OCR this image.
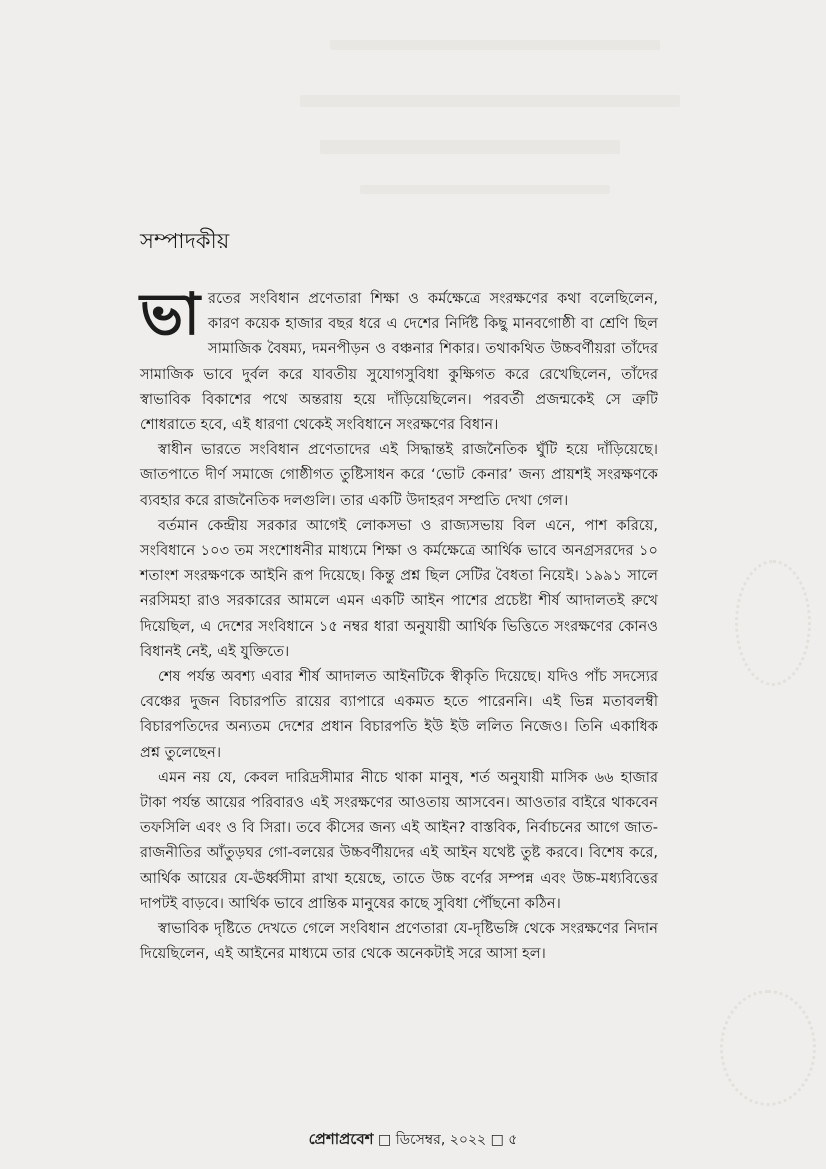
সম্পাদকীয়

ভারতের সংবিধান প্রণেতারা শিক্ষা ও কর্মক্ষেত্রে সংরক্ষণের কথা বলেছিলেন, কারণ কয়েক হাজার বছর ধরে এ দেশের নির্দিষ্ট কিছু মানবগোষ্ঠী বা শ্রেণি ছিল সামাজিক বৈষম্য, দমনপীড়ন ও বঞ্চনার শিকার। তথাকথিত উচ্চবর্ণীয়রা তাঁদের সামাজিক ভাবে দুর্বল করে যাবতীয় সুযোগসুবিধা কুক্ষিগত করে রেখেছিলেন, তাঁদের স্বাভাবিক বিকাশের পথে অন্তরায় হয়ে দাঁড়িয়েছিলেন। পরবর্তী প্রজন্মকেই সে ত্রুটি শোধরাতে হবে, এই ধারণা থেকেই সংবিধানে সংরক্ষণের বিধান।

স্বাধীন ভারতে সংবিধান প্রণেতাদের এই সিদ্ধান্তই রাজনৈতিক ঘুঁটি হয়ে দাঁড়িয়েছে। জাতপাতে দীর্ণ সমাজে গোষ্ঠীগত তুষ্টিসাধন করে ‘ভোট কেনার’ জন্য প্রায়শই সংরক্ষণকে ব্যবহার করে রাজনৈতিক দলগুলি। তার একটি উদাহরণ সম্প্রতি দেখা গেল।

বর্তমান কেন্দ্রীয় সরকার আগেই লোকসভা ও রাজ্যসভায় বিল এনে, পাশ করিয়ে, সংবিধানে ১০৩ তম সংশোধনীর মাধ্যমে শিক্ষা ও কর্মক্ষেত্রে আর্থিক ভাবে অনগ্রসরদের ১০ শতাংশ সংরক্ষণকে আইনি রূপ দিয়েছে। কিন্তু প্রশ্ন ছিল সেটির বৈধতা নিয়েই। ১৯৯১ সালে নরসিমহা রাও সরকারের আমলে এমন একটি আইন পাশের প্রচেষ্টা শীর্ষ আদালতই রুখে দিয়েছিল, এ দেশের সংবিধানে ১৫ নম্বর ধারা অনুযায়ী আর্থিক ভিত্তিতে সংরক্ষণের কোনও বিধানই নেই, এই যুক্তিতে।

শেষ পর্যন্ত অবশ্য এবার শীর্ষ আদালত আইনটিকে স্বীকৃতি দিয়েছে। যদিও পাঁচ সদস্যের বেঞ্চের দুজন বিচারপতি রায়ের ব্যাপারে একমত হতে পারেননি। এই ভিন্ন মতাবলম্বী বিচারপতিদের অন্যতম দেশের প্রধান বিচারপতি ইউ ইউ ললিত নিজেও। তিনি একাধিক প্রশ্ন তুলেছেন।

এমন নয় যে, কেবল দারিদ্রসীমার নীচে থাকা মানুষ, শর্ত অনুযায়ী মাসিক ৬৬ হাজার টাকা পর্যন্ত আয়ের পরিবারও এই সংরক্ষণের আওতায় আসবেন। আওতার বাইরে থাকবেন তফসিলি এবং ও বি সিরা। তবে কীসের জন্য এই আইন? বাস্তবিক, নির্বাচনের আগে জাত-রাজনীতির আঁতুড়ঘর গো-বলয়ের উচ্চবর্ণীয়দের এই আইন যথেষ্ট তুষ্ট করবে। বিশেষ করে, আর্থিক আয়ের যে-ঊর্ধ্বসীমা রাখা হয়েছে, তাতে উচ্চ বর্ণের সম্পন্ন এবং উচ্চ-মধ্যবিত্তের দাপটই বাড়বে। আর্থিক ভাবে প্রান্তিক মানুষের কাছে সুবিধা পৌঁছনো কঠিন।

স্বাভাবিক দৃষ্টিতে দেখতে গেলে সংবিধান প্রণেতারা যে-দৃষ্টিভঙ্গি থেকে সংরক্ষণের নিদান দিয়েছিলেন, এই আইনের মাধ্যমে তার থেকে অনেকটাই সরে আসা হল।

প্রেশাপ্রবেশ □ ডিসেম্বর, ২০২২ □ ৫
